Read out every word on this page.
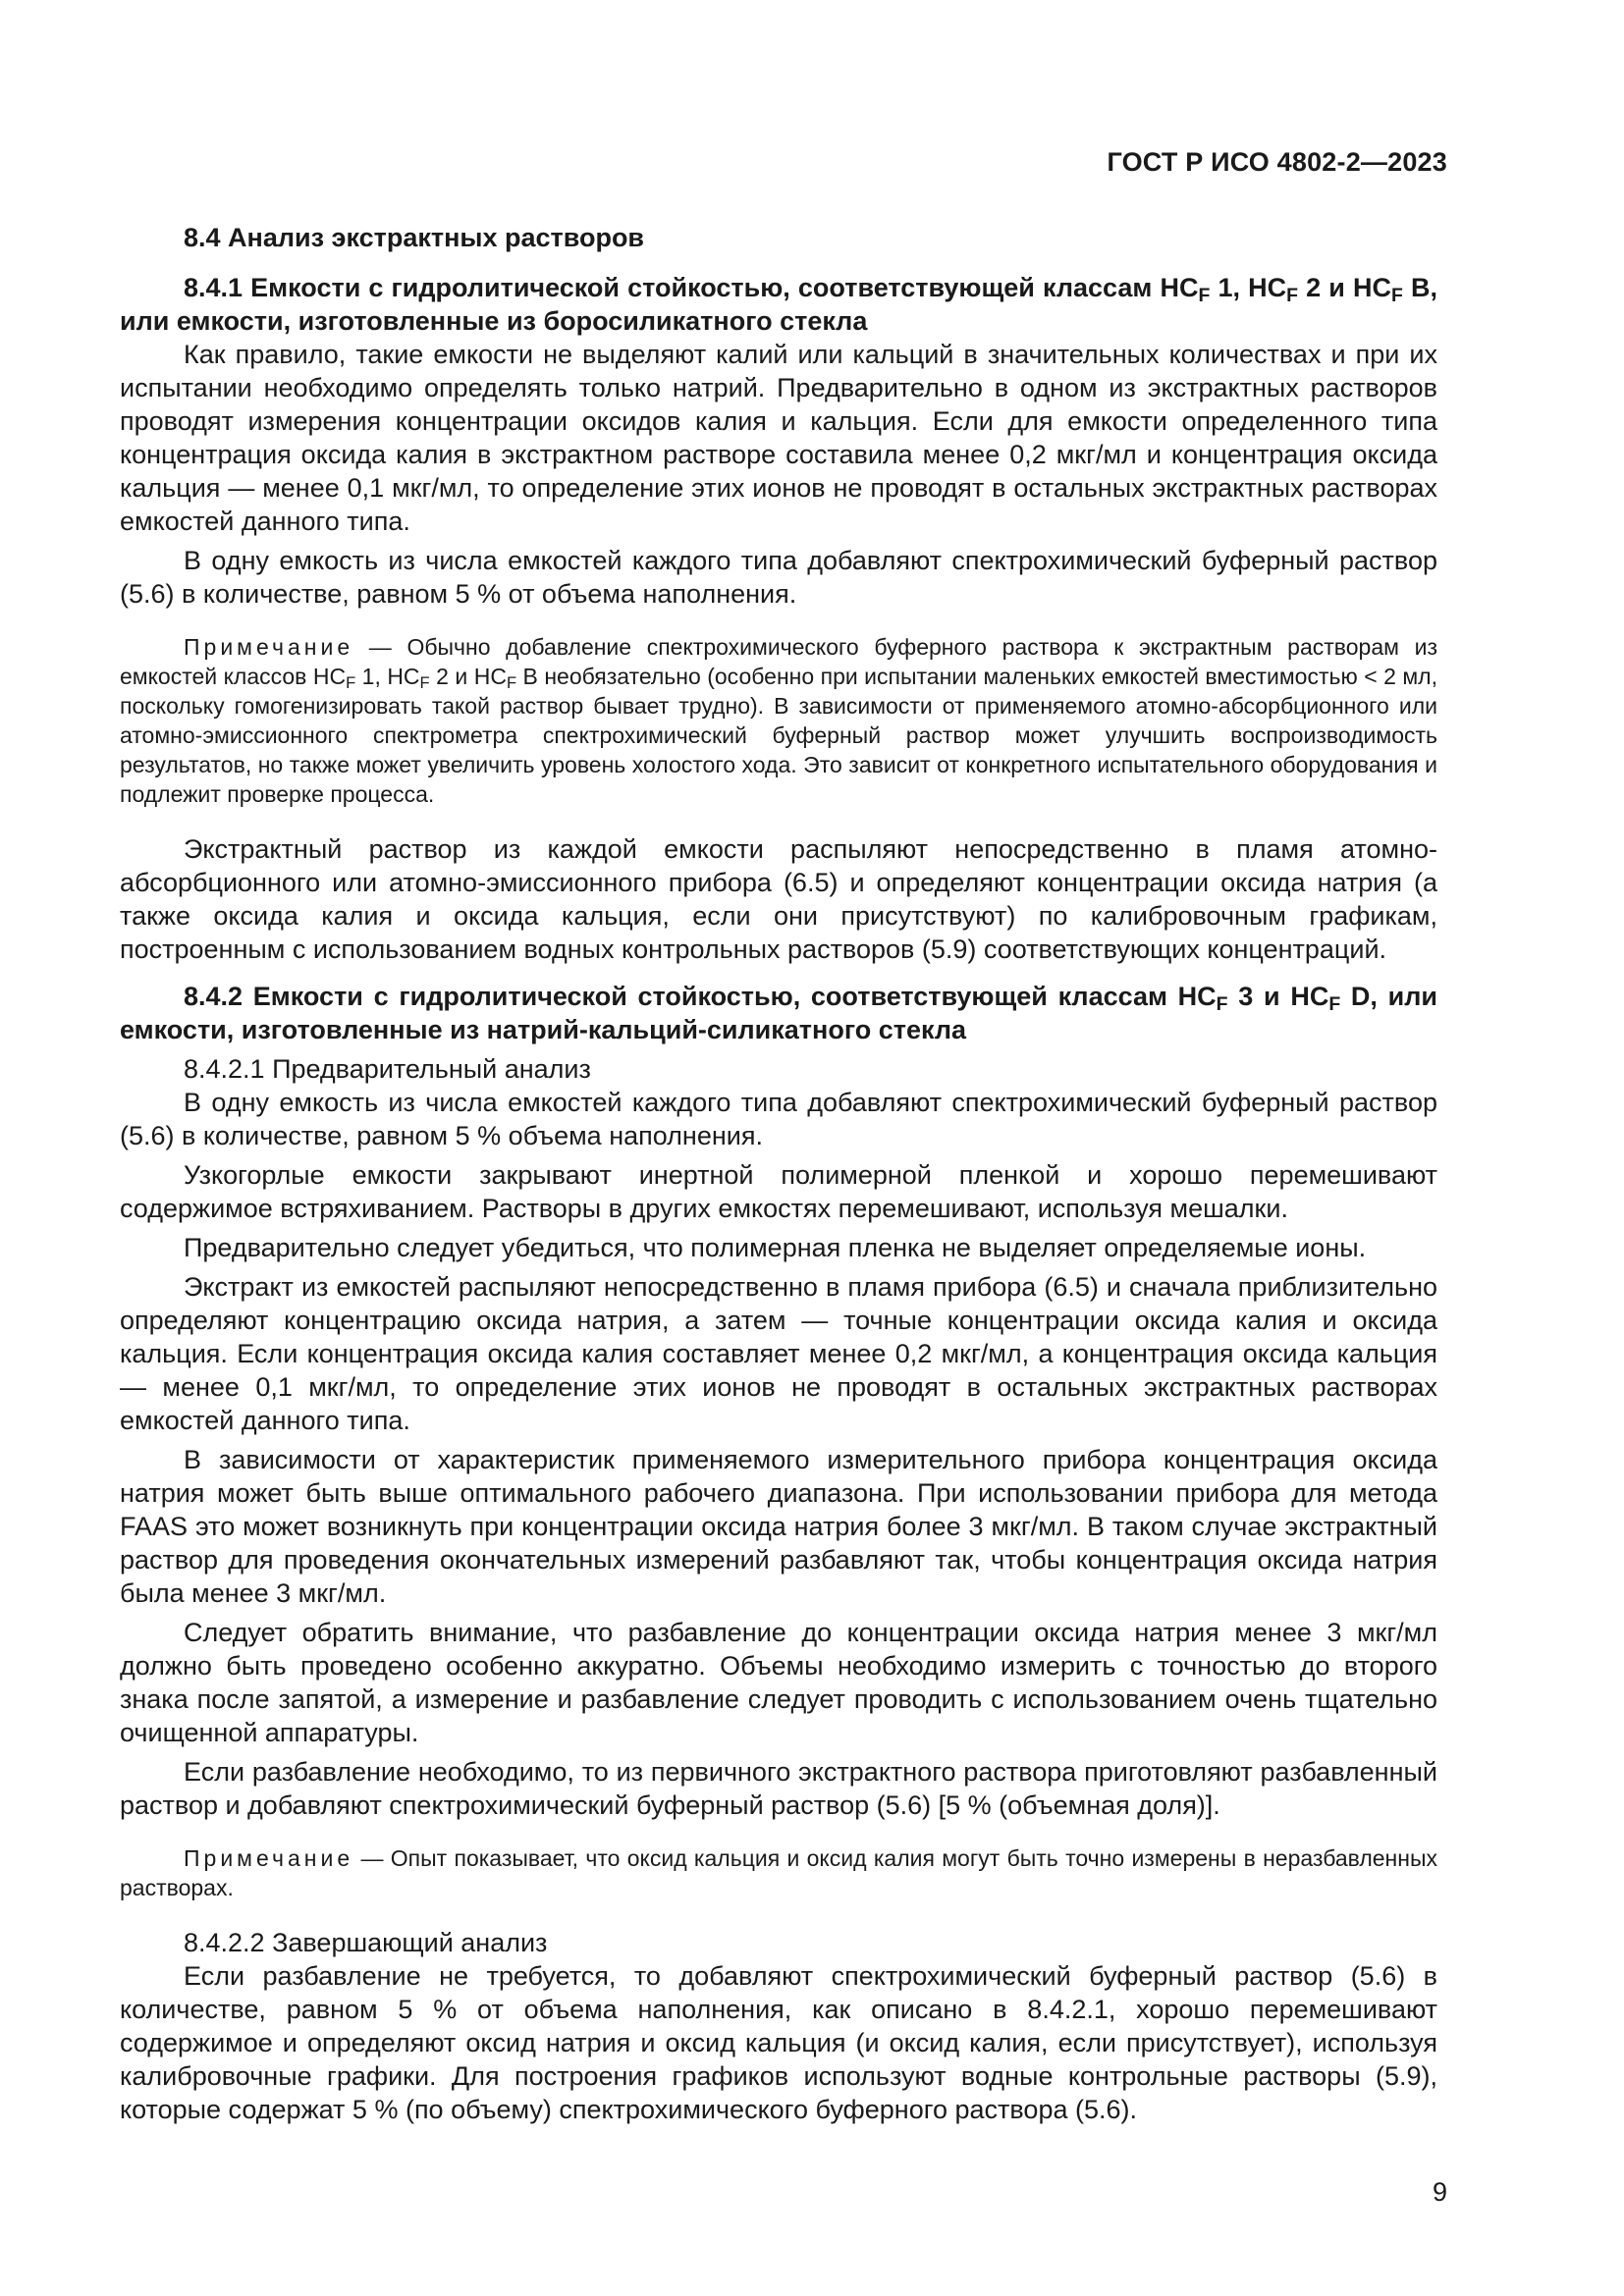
ГОСТ Р ИСО 4802-2—2023
8.4 Анализ экстрактных растворов
8.4.1 Емкости с гидролитической стойкостью, соответствующей классам $HC_F$ 1, $HC_F$ 2 и $HC_F$ B, или емкости, изготовленные из боросиликатного стекла

Как правило, такие емкости не выделяют калий или кальций в значительных количествах и при их испытании необходимо определять только натрий. Предварительно в одном из экстрактных растворов проводят измерения концентрации оксидов калия и кальция. Если для емкости определенного типа концентрация оксида калия в экстрактном растворе составила менее 0,2 мкг/мл и концентрация оксида кальция — менее 0,1 мкг/мл, то определение этих ионов не проводят в остальных экстрактных растворах емкостей данного типа.

В одну емкость из числа емкостей каждого типа добавляют спектрохимический буферный раствор (5.6) в количестве, равном 5 % от объема наполнения.

Примечание — Обычно добавление спектрохимического буферного раствора к экстрактным растворам из емкостей классов $HC_F$ 1, $HC_F$ 2 и $HC_F$ B необязательно (особенно при испытании маленьких емкостей вместимостью < 2 мл, поскольку гомогенизировать такой раствор бывает трудно). В зависимости от применяемого атомно-абсорбционного или атомно-эмиссионного спектрометра спектрохимический буферный раствор может улучшить воспроизводимость результатов, но также может увеличить уровень холостого хода. Это зависит от конкретного испытательного оборудования и подлежит проверке процесса.

Экстрактный раствор из каждой емкости распыляют непосредственно в пламя атомно-абсорбционного или атомно-эмиссионного прибора (6.5) и определяют концентрации оксида натрия (а также оксида калия и оксида кальция, если они присутствуют) по калибровочным графикам, построенным с использованием водных контрольных растворов (5.9) соответствующих концентраций.

8.4.2 Емкости с гидролитической стойкостью, соответствующей классам $HC_F$ 3 и $HC_F$ D, или емкости, изготовленные из натрий-кальций-силикатного стекла
8.4.2.1 Предварительный анализ

В одну емкость из числа емкостей каждого типа добавляют спектрохимический буферный раствор (5.6) в количестве, равном 5 % объема наполнения.

Узкогорлые емкости закрывают инертной полимерной пленкой и хорошо перемешивают содержимое встряхиванием. Растворы в других емкостях перемешивают, используя мешалки.

Предварительно следует убедиться, что полимерная пленка не выделяет определяемые ионы.

Экстракт из емкостей распыляют непосредственно в пламя прибора (6.5) и сначала приблизительно определяют концентрацию оксида натрия, а затем — точные концентрации оксида калия и оксида кальция. Если концентрация оксида калия составляет менее 0,2 мкг/мл, а концентрация оксида кальция — менее 0,1 мкг/мл, то определение этих ионов не проводят в остальных экстрактных растворах емкостей данного типа.

В зависимости от характеристик применяемого измерительного прибора концентрация оксида натрия может быть выше оптимального рабочего диапазона. При использовании прибора для метода FAAS это может возникнуть при концентрации оксида натрия более 3 мкг/мл. В таком случае экстрактный раствор для проведения окончательных измерений разбавляют так, чтобы концентрация оксида натрия была менее 3 мкг/мл.

Следует обратить внимание, что разбавление до концентрации оксида натрия менее 3 мкг/мл должно быть проведено особенно аккуратно. Объемы необходимо измерить с точностью до второго знака после запятой, а измерение и разбавление следует проводить с использованием очень тщательно очищенной аппаратуры.

Если разбавление необходимо, то из первичного экстрактного раствора приготовляют разбавленный раствор и добавляют спектрохимический буферный раствор (5.6) [5 % (объемная доля)].

Примечание — Опыт показывает, что оксид кальция и оксид калия могут быть точно измерены в неразбавленных растворах.

8.4.2.2 Завершающий анализ

Если разбавление не требуется, то добавляют спектрохимический буферный раствор (5.6) в количестве, равном 5 % от объема наполнения, как описано в 8.4.2.1, хорошо перемешивают содержимое и определяют оксид натрия и оксид кальция (и оксид калия, если присутствует), используя калибровочные графики. Для построения графиков используют водные контрольные растворы (5.9), которые содержат 5 % (по объему) спектрохимического буферного раствора (5.6).

9
